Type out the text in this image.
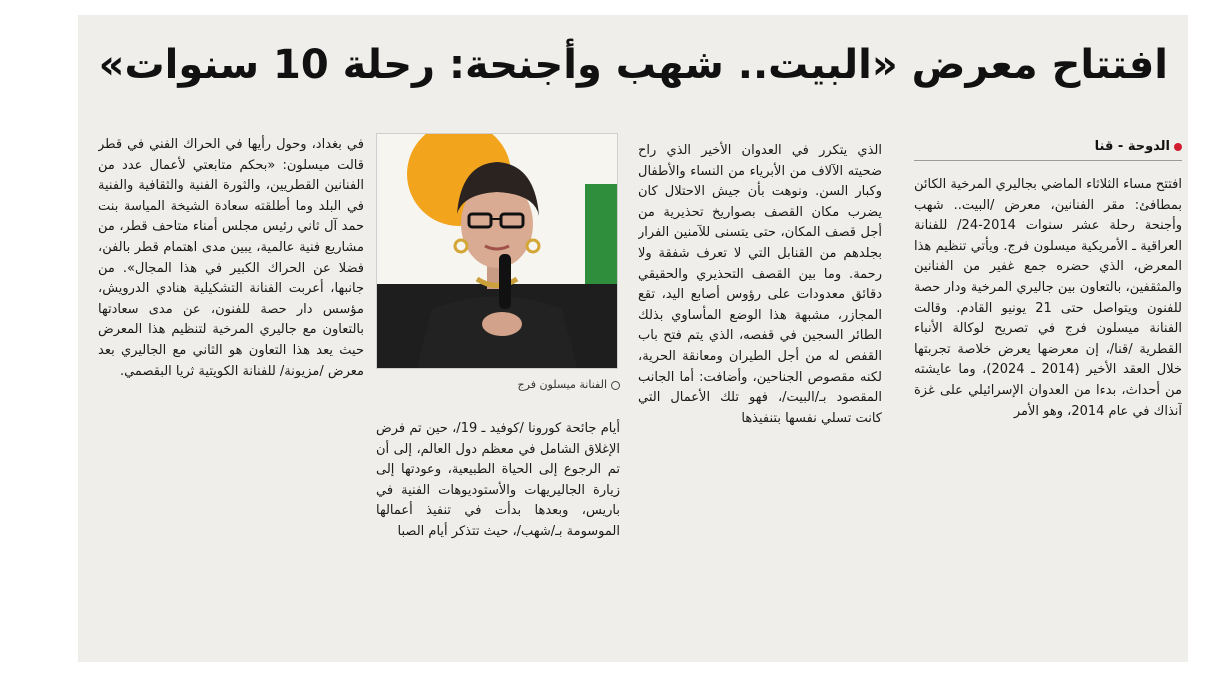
افتتاح معرض «البيت.. شهب وأجنحة: رحلة 10 سنوات»
الدوحة - قنا

افتتح مساء الثلاثاء الماضي بجاليري المرخية الكائن بمطافئ: مقر الفنانين، معرض /البيت.. شهب وأجنحة رحلة عشر سنوات 2014-24/ للفنانة العراقية ـ الأمريكية ميسلون فرج. ويأتي تنظيم هذا المعرض، الذي حضره جمع غفير من الفنانين والمثقفين، بالتعاون بين جاليري المرخية ودار حصة للفنون ويتواصل حتى 21 يونيو القادم. وقالت الفنانة ميسلون فرج في تصريح لوكالة الأنباء القطرية /قنا/، إن معرضها يعرض خلاصة تجربتها خلال العقد الأخير (2014 ـ 2024)، وما عايشته من أحداث، بدءا من العدوان الإسرائيلي على غزة آنذاك في عام 2014، وهو الأمر

الذي يتكرر في العدوان الأخير الذي راح ضحيته الآلاف من الأبرياء من النساء والأطفال وكبار السن. ونوهت بأن جيش الاحتلال كان يضرب مكان القصف بصواريخ تحذيرية من أجل قصف المكان، حتى يتسنى للآمنين الفرار بجلدهم من القنابل التي لا تعرف شفقة ولا رحمة. وما بين القصف التحذيري والحقيقي دقائق معدودات على رؤوس أصابع اليد، تقع المجازر، مشبهة هذا الوضع المأساوي بذلك الطائر السجين في قفصه، الذي يتم فتح باب القفص له من أجل الطيران ومعانقة الحرية، لكنه مقصوص الجناحين، وأضافت: أما الجانب المقصود بـ/البيت/، فهو تلك الأعمال التي كانت تسلي نفسها بتنفيذها

الفنانة ميسلون فرج

أيام جائحة كورونا /كوفيد ـ 19/، حين تم فرض الإغلاق الشامل في معظم دول العالم، إلى أن تم الرجوع إلى الحياة الطبيعية، وعودتها إلى زيارة الجاليريهات والأستوديوهات الفنية في باريس، وبعدها بدأت في تنفيذ أعمالها الموسومة بـ/شهب/، حيث تتذكر أيام الصبا

في بغداد، وحول رأيها في الحراك الفني في قطر قالت ميسلون: «بحكم متابعتي لأعمال عدد من الفنانين القطريين، والثورة الفنية والثقافية والفنية في البلد وما أطلقته سعادة الشيخة المياسة بنت حمد آل ثاني رئيس مجلس أمناء متاحف قطر، من مشاريع فنية عالمية، يبين مدى اهتمام قطر بالفن، فضلا عن الحراك الكبير في هذا المجال». من جانبها، أعربت الفنانة التشكيلية هنادي الدرويش، مؤسس دار حصة للفنون، عن مدى سعادتها بالتعاون مع جاليري المرخية لتنظيم هذا المعرض حيث يعد هذا التعاون هو الثاني مع الجاليري بعد معرض /مزيونة/ للفنانة الكويتية ثريا البقصمي.
